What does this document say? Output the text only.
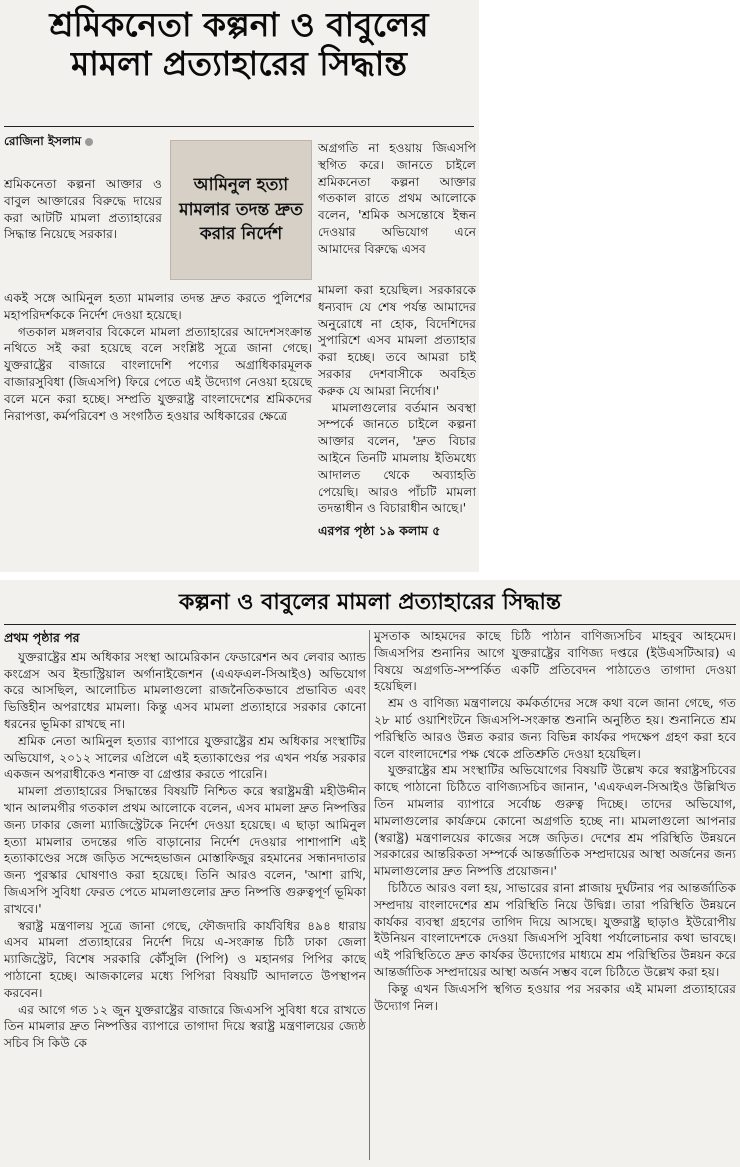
শ্রমিকনেতা কল্পনা ও বাবুলের মামলা প্রত্যাহারের সিদ্ধান্ত
রোজিনা ইসলাম
আমিনুল হত্যা মামলার তদন্ত দ্রুত করার নির্দেশ

শ্রমিকনেতা কল্পনা আক্তার ও বাবুল আক্তারের বিরুদ্ধে দায়ের করা আটটি মামলা প্রত্যাহারের সিদ্ধান্ত নিয়েছে সরকার।

একই সঙ্গে আমিনুল হত্যা মামলার তদন্ত দ্রুত করতে পুলিশের মহাপরিদর্শককে নির্দেশ দেওয়া হয়েছে।

গতকাল মঙ্গলবার বিকেলে মামলা প্রত্যাহারের আদেশসংক্রান্ত নথিতে সই করা হয়েছে বলে সংশ্লিষ্ট সূত্রে জানা গেছে। যুক্তরাষ্ট্রের বাজারে বাংলাদেশি পণ্যের অগ্রাধিকারমূলক বাজারসুবিধা (জিএসপি) ফিরে পেতে এই উদ্যোগ নেওয়া হয়েছে বলে মনে করা হচ্ছে। সম্প্রতি যুক্তরাষ্ট্র বাংলাদেশের শ্রমিকদের নিরাপত্তা, কর্মপরিবেশ ও সংগঠিত হওয়ার অধিকারের ক্ষেত্রে

অগ্রগতি না হওয়ায় জিএসপি স্থগিত করে। জানতে চাইলে শ্রমিকনেতা কল্পনা আক্তার গতকাল রাতে প্রথম আলোকে বলেন, 'শ্রমিক অসন্তোষে ইন্ধন দেওয়ার অভিযোগ এনে আমাদের বিরুদ্ধে এসব

মামলা করা হয়েছিল। সরকারকে ধন্যবাদ যে শেষ পর্যন্ত আমাদের অনুরোধে না হোক, বিদেশিদের সুপারিশে এসব মামলা প্রত্যাহার করা হচ্ছে। তবে আমরা চাই সরকার দেশবাসীকে অবহিত করুক যে আমরা নির্দোষ।'

মামলাগুলোর বর্তমান অবস্থা সম্পর্কে জানতে চাইলে কল্পনা আক্তার বলেন, 'দ্রুত বিচার আইনে তিনটি মামলায় ইতিমধ্যে আদালত থেকে অব্যাহতি পেয়েছি। আরও পাঁচটি মামলা তদন্তাধীন ও বিচারাধীন আছে।'

এরপর পৃষ্ঠা ১৯ কলাম ৫
কল্পনা ও বাবুলের মামলা প্রত্যাহারের সিদ্ধান্ত
প্রথম পৃষ্ঠার পর

যুক্তরাষ্ট্রের শ্রম অধিকার সংস্থা আমেরিকান ফেডারেশন অব লেবার অ্যান্ড কংগ্রেস অব ইন্ডাস্ট্রিয়াল অর্গানাইজেশন (এএফএল-সিআইও) অভিযোগ করে আসছিল, আলোচিত মামলাগুলো রাজনৈতিকভাবে প্রভাবিত এবং ভিত্তিহীন অপরাধের মামলা। কিন্তু এসব মামলা প্রত্যাহারে সরকার কোনো ধরনের ভূমিকা রাখছে না।

শ্রমিক নেতা আমিনুল হত্যার ব্যাপারে যুক্তরাষ্ট্রের শ্রম অধিকার সংস্থাটির অভিযোগ, ২০১২ সালের এপ্রিলে এই হত্যাকাণ্ডের পর এখন পর্যন্ত সরকার একজন অপরাধীকেও শনাক্ত বা গ্রেপ্তার করতে পারেনি।

মামলা প্রত্যাহারের সিদ্ধান্তের বিষয়টি নিশ্চিত করে স্বরাষ্ট্রমন্ত্রী মহীউদ্দীন খান আলমগীর গতকাল প্রথম আলোকে বলেন, এসব মামলা দ্রুত নিষ্পত্তির জন্য ঢাকার জেলা ম্যাজিস্ট্রেটকে নির্দেশ দেওয়া হয়েছে। এ ছাড়া আমিনুল হত্যা মামলার তদন্তের গতি বাড়ানোর নির্দেশ দেওয়ার পাশাপাশি এই হত্যাকাণ্ডের সঙ্গে জড়িত সন্দেহভাজন মোস্তাফিজুর রহমানের সন্ধানদাতার জন্য পুরস্কার ঘোষণাও করা হয়েছে। তিনি আরও বলেন, 'আশা রাখি, জিএসপি সুবিধা ফেরত পেতে মামলাগুলোর দ্রুত নিষ্পত্তি গুরুত্বপূর্ণ ভূমিকা রাখবে।'

স্বরাষ্ট্র মন্ত্রণালয় সূত্রে জানা গেছে, ফৌজদারি কার্যবিধির ৪৯৪ ধারায় এসব মামলা প্রত্যাহারের নির্দেশ দিয়ে এ-সংক্রান্ত চিঠি ঢাকা জেলা ম্যাজিস্ট্রেট, বিশেষ সরকারি কৌঁসুলি (পিপি) ও মহানগর পিপির কাছে পাঠানো হচ্ছে। আজকালের মধ্যে পিপিরা বিষয়টি আদালতে উপস্থাপন করবেন।

এর আগে গত ১২ জুন যুক্তরাষ্ট্রের বাজারে জিএসপি সুবিধা ধরে রাখতে তিন মামলার দ্রুত নিষ্পত্তির ব্যাপারে তাগাদা দিয়ে স্বরাষ্ট্র মন্ত্রণালয়ের জ্যেষ্ঠ সচিব সি কিউ কে

মুসতাক আহমদের কাছে চিঠি পাঠান বাণিজ্যসচিব মাহবুব আহমেদ। জিএসপির শুনানির আগে যুক্তরাষ্ট্রের বাণিজ্য দপ্তরে (ইউএসটিআর) এ বিষয়ে অগ্রগতি-সম্পর্কিত একটি প্রতিবেদন পাঠাতেও তাগাদা দেওয়া হয়েছিল।

শ্রম ও বাণিজ্য মন্ত্রণালয়ে কর্মকর্তাদের সঙ্গে কথা বলে জানা গেছে, গত ২৮ মার্চ ওয়াশিংটনে জিএসপি-সংক্রান্ত শুনানি অনুষ্ঠিত হয়। শুনানিতে শ্রম পরিস্থিতি আরও উন্নত করার জন্য বিভিন্ন কার্যকর পদক্ষেপ গ্রহণ করা হবে বলে বাংলাদেশের পক্ষ থেকে প্রতিশ্রুতি দেওয়া হয়েছিল।

যুক্তরাষ্ট্রের শ্রম সংস্থাটির অভিযোগের বিষয়টি উল্লেখ করে স্বরাষ্ট্রসচিবের কাছে পাঠানো চিঠিতে বাণিজ্যসচিব জানান, 'এএফএল-সিআইও উল্লিখিত তিন মামলার ব্যাপারে সর্বোচ্চ গুরুত্ব দিচ্ছে। তাদের অভিযোগ, মামলাগুলোর কার্যক্রমে কোনো অগ্রগতি হচ্ছে না। মামলাগুলো আপনার (স্বরাষ্ট্র) মন্ত্রণালয়ের কাজের সঙ্গে জড়িত। দেশের শ্রম পরিস্থিতি উন্নয়নে সরকারের আন্তরিকতা সম্পর্কে আন্তর্জাতিক সম্প্রদায়ের আস্থা অর্জনের জন্য মামলাগুলোর দ্রুত নিষ্পত্তি প্রয়োজন।'

চিঠিতে আরও বলা হয়, সাভারের রানা প্লাজায় দুর্ঘটনার পর আন্তর্জাতিক সম্প্রদায় বাংলাদেশের শ্রম পরিস্থিতি নিয়ে উদ্বিগ্ন। তারা পরিস্থিতি উন্নয়নে কার্যকর ব্যবস্থা গ্রহণের তাগিদ দিয়ে আসছে। যুক্তরাষ্ট্র ছাড়াও ইউরোপীয় ইউনিয়ন বাংলাদেশকে দেওয়া জিএসপি সুবিধা পর্যালোচনার কথা ভাবছে। এই পরিস্থিতিতে দ্রুত কার্যকর উদ্যোগের মাধ্যমে শ্রম পরিস্থিতির উন্নয়ন করে আন্তর্জাতিক সম্প্রদায়ের আস্থা অর্জন সম্ভব বলে চিঠিতে উল্লেখ করা হয়।

কিন্তু এখন জিএসপি স্থগিত হওয়ার পর সরকার এই মামলা প্রত্যাহারের উদ্যোগ নিল।
